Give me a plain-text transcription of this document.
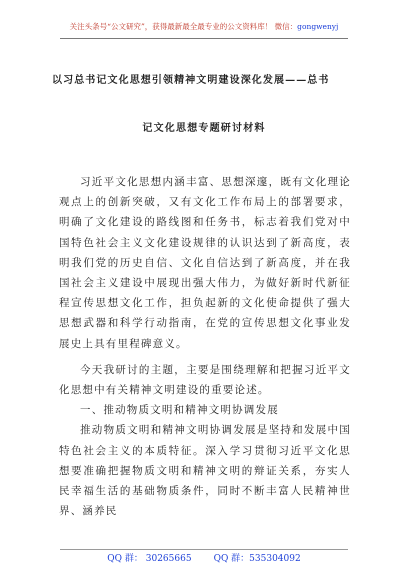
关注头条号“公文研究”，获得最新最全最专业的公文资料库！ 微信：gongwenyj
以习总书记文化思想引领精神文明建设深化发展——总书
记文化思想专题研讨材料

习近平文化思想内涵丰富、思想深邃，既有文化理论观点上的创新突破，又有文化工作布局上的部署要求，明确了文化建设的路线图和任务书，标志着我们党对中国特色社会主义文化建设规律的认识达到了新高度，表明我们党的历史自信、文化自信达到了新高度，并在我国社会主义建设中展现出强大伟力，为做好新时代新征程宣传思想文化工作，担负起新的文化使命提供了强大思想武器和科学行动指南，在党的宣传思想文化事业发展史上具有里程碑意义。

今天我研讨的主题，主要是围绕理解和把握习近平文化思想中有关精神文明建设的重要论述。

一、推动物质文明和精神文明协调发展

推动物质文明和精神文明协调发展是坚持和发展中国特色社会主义的本质特征。深入学习贯彻习近平文化思想要准确把握物质文明和精神文明的辩证关系，夯实人民幸福生活的基础物质条件，同时不断丰富人民精神世界、涵养民

QQ 群： 30265665 QQ 群：535304092
